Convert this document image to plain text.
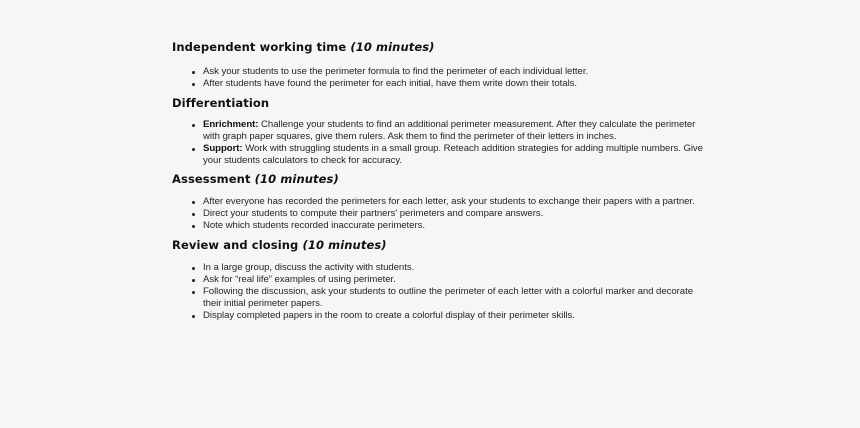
Independent working time (10 minutes)
Ask your students to use the perimeter formula to find the perimeter of each individual letter.
After students have found the perimeter for each initial, have them write down their totals.
Differentiation
Enrichment: Challenge your students to find an additional perimeter measurement. After they calculate the perimeter with graph paper squares, give them rulers. Ask them to find the perimeter of their letters in inches.
Support: Work with struggling students in a small group. Reteach addition strategies for adding multiple numbers. Give your students calculators to check for accuracy.
Assessment (10 minutes)
After everyone has recorded the perimeters for each letter, ask your students to exchange their papers with a partner.
Direct your students to compute their partners' perimeters and compare answers.
Note which students recorded inaccurate perimeters.
Review and closing (10 minutes)
In a large group, discuss the activity with students.
Ask for “real life” examples of using perimeter.
Following the discussion, ask your students to outline the perimeter of each letter with a colorful marker and decorate their initial perimeter papers.
Display completed papers in the room to create a colorful display of their perimeter skills.
